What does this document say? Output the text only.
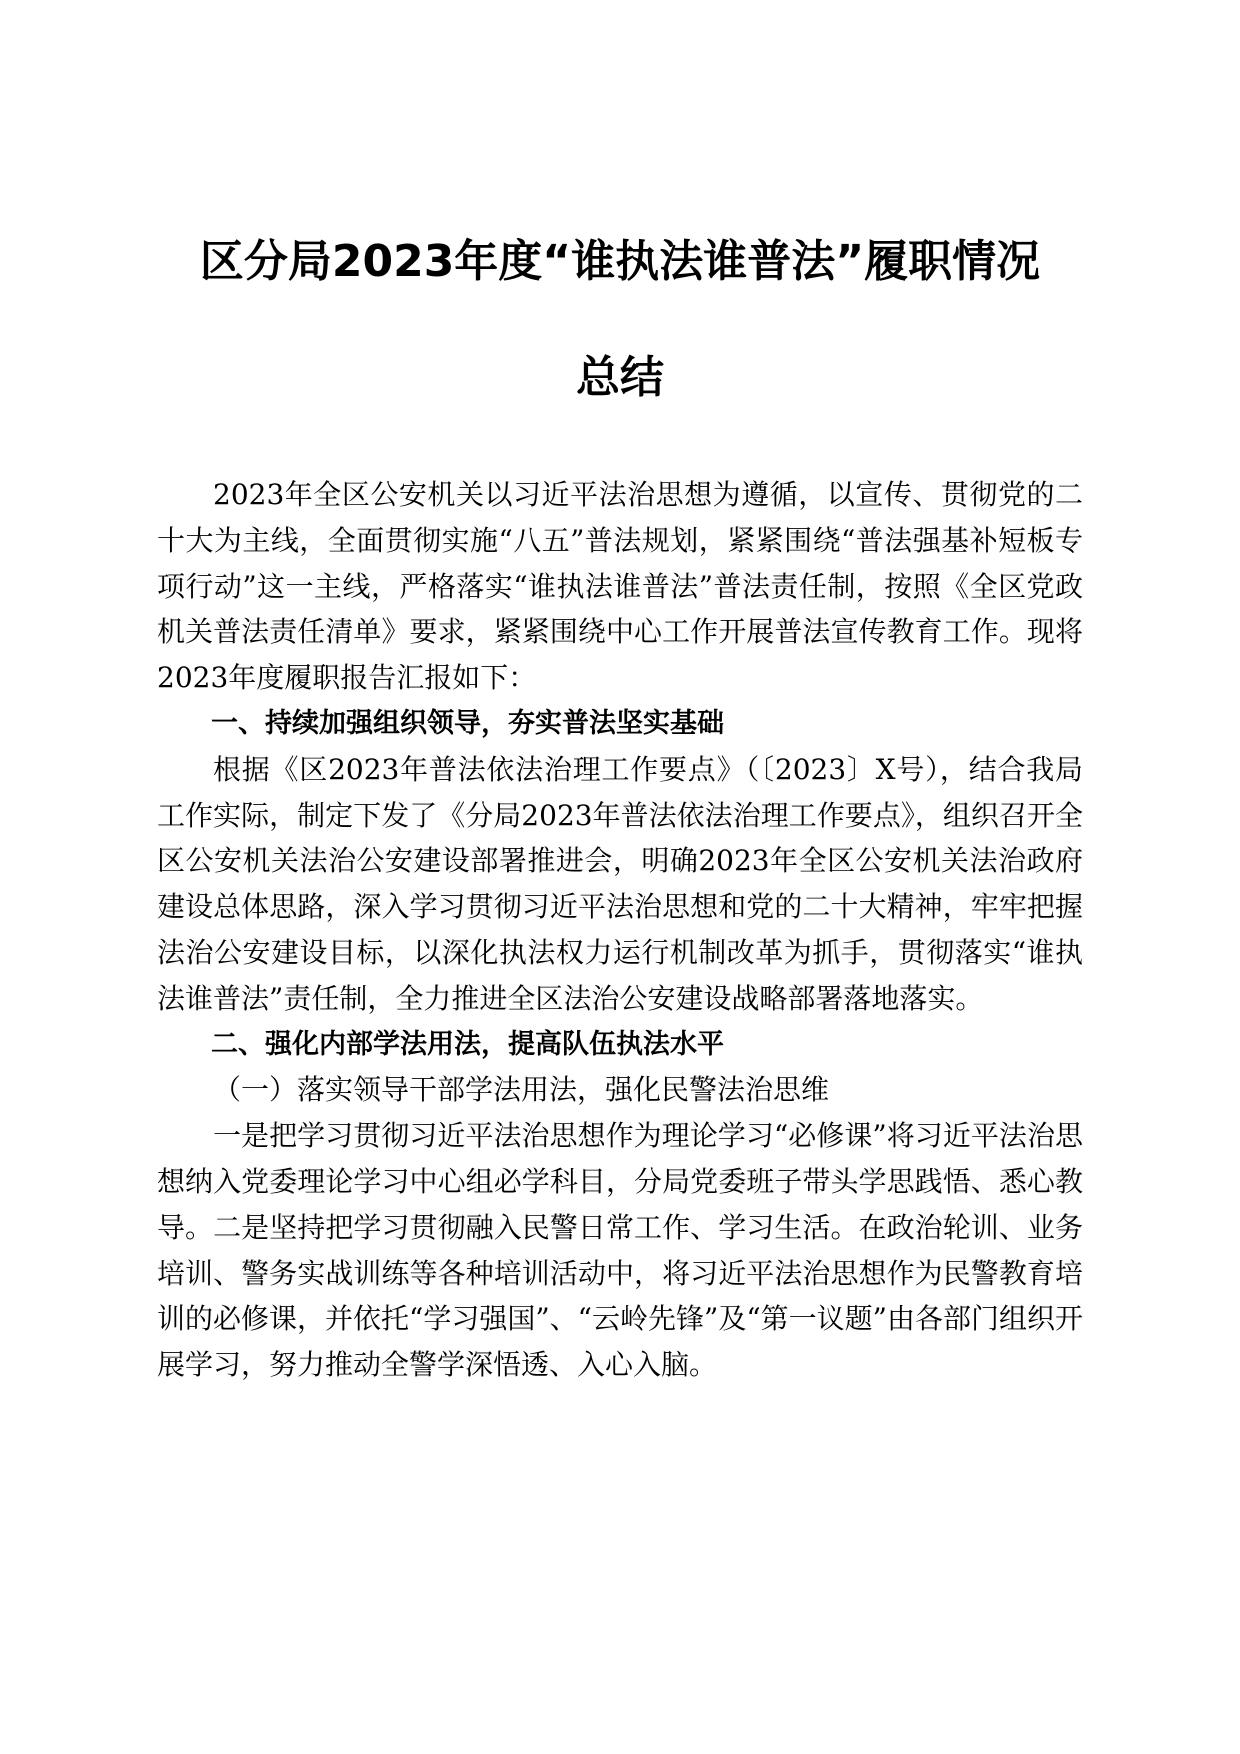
区分局2023年度“谁执法谁普法”履职情况
总结

2023年全区公安机关以习近平法治思想为遵循，以宣传、贯彻党的二十大为主线，全面贯彻实施“八五”普法规划，紧紧围绕“普法强基补短板专项行动”这一主线，严格落实“谁执法谁普法”普法责任制，按照《全区党政机关普法责任清单》要求，紧紧围绕中心工作开展普法宣传教育工作。现将2023年度履职报告汇报如下：

一、持续加强组织领导，夯实普法坚实基础

根据《区2023年普法依法治理工作要点》（〔2023〕X号），结合我局工作实际，制定下发了《分局2023年普法依法治理工作要点》，组织召开全区公安机关法治公安建设部署推进会，明确2023年全区公安机关法治政府建设总体思路，深入学习贯彻习近平法治思想和党的二十大精神，牢牢把握法治公安建设目标，以深化执法权力运行机制改革为抓手，贯彻落实“谁执法谁普法”责任制，全力推进全区法治公安建设战略部署落地落实。

二、强化内部学法用法，提高队伍执法水平

（一）落实领导干部学法用法，强化民警法治思维

一是把学习贯彻习近平法治思想作为理论学习“必修课”将习近平法治思想纳入党委理论学习中心组必学科目，分局党委班子带头学思践悟、悉心教导。二是坚持把学习贯彻融入民警日常工作、学习生活。在政治轮训、业务培训、警务实战训练等各种培训活动中，将习近平法治思想作为民警教育培训的必修课，并依托“学习强国”、“云岭先锋”及“第一议题”由各部门组织开展学习，努力推动全警学深悟透、入心入脑。
